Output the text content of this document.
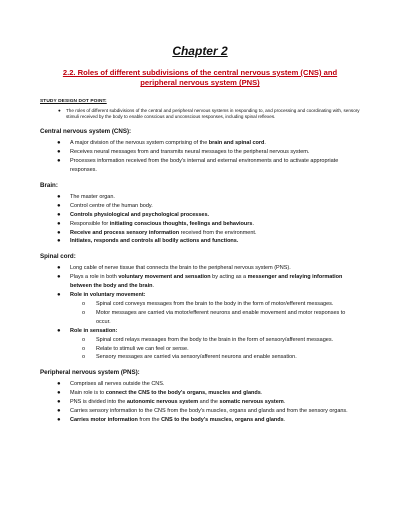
Chapter 2
2.2. Roles of different subdivisions of the central nervous system (CNS) and peripheral nervous system (PNS)
STUDY DESIGN DOT POINT:
● The roles of different subdivisions of the central and peripheral nervous systems in responding to, and processing and coordinating with, sensory stimuli received by the body to enable conscious and unconscious responses, including spinal reflexes.
Central nervous system (CNS):
● A major division of the nervous system comprising of the brain and spinal cord.
● Receives neural messages from and transmits neural messages to the peripheral nervous system.
● Processes information received from the body's internal and external environments and to activate appropriate responses.
Brain:
● The master organ.
● Control centre of the human body.
● Controls physiological and psychological processes.
● Responsible for initiating conscious thoughts, feelings and behaviours.
● Receive and process sensory information received from the environment.
● Initiates, responds and controls all bodily actions and functions.
Spinal cord:
● Long cable of nerve tissue that connects the brain to the peripheral nervous system (PNS).
● Plays a role in both voluntary movement and sensation by acting as a messenger and relaying information between the body and the brain.
● Role in voluntary movement:
o Spinal cord conveys messages from the brain to the body in the form of motor/efferent messages.
o Motor messages are carried via motor/efferent neurons and enable movement and motor responses to occur.
● Role in sensation:
o Spinal cord relays messages from the body to the brain in the form of sensory/afferent messages.
o Relate to stimuli we can feel or sense.
o Sensory messages are carried via sensory/afferent neurons and enable sensation.
Peripheral nervous system (PNS):
● Comprises all nerves outside the CNS.
● Main role is to connect the CNS to the body's organs, muscles and glands.
● PNS is divided into the autonomic nervous system and the somatic nervous system.
● Carries sensory information to the CNS from the body's muscles, organs and glands and from the sensory organs.
● Carries motor information from the CNS to the body's muscles, organs and glands.
